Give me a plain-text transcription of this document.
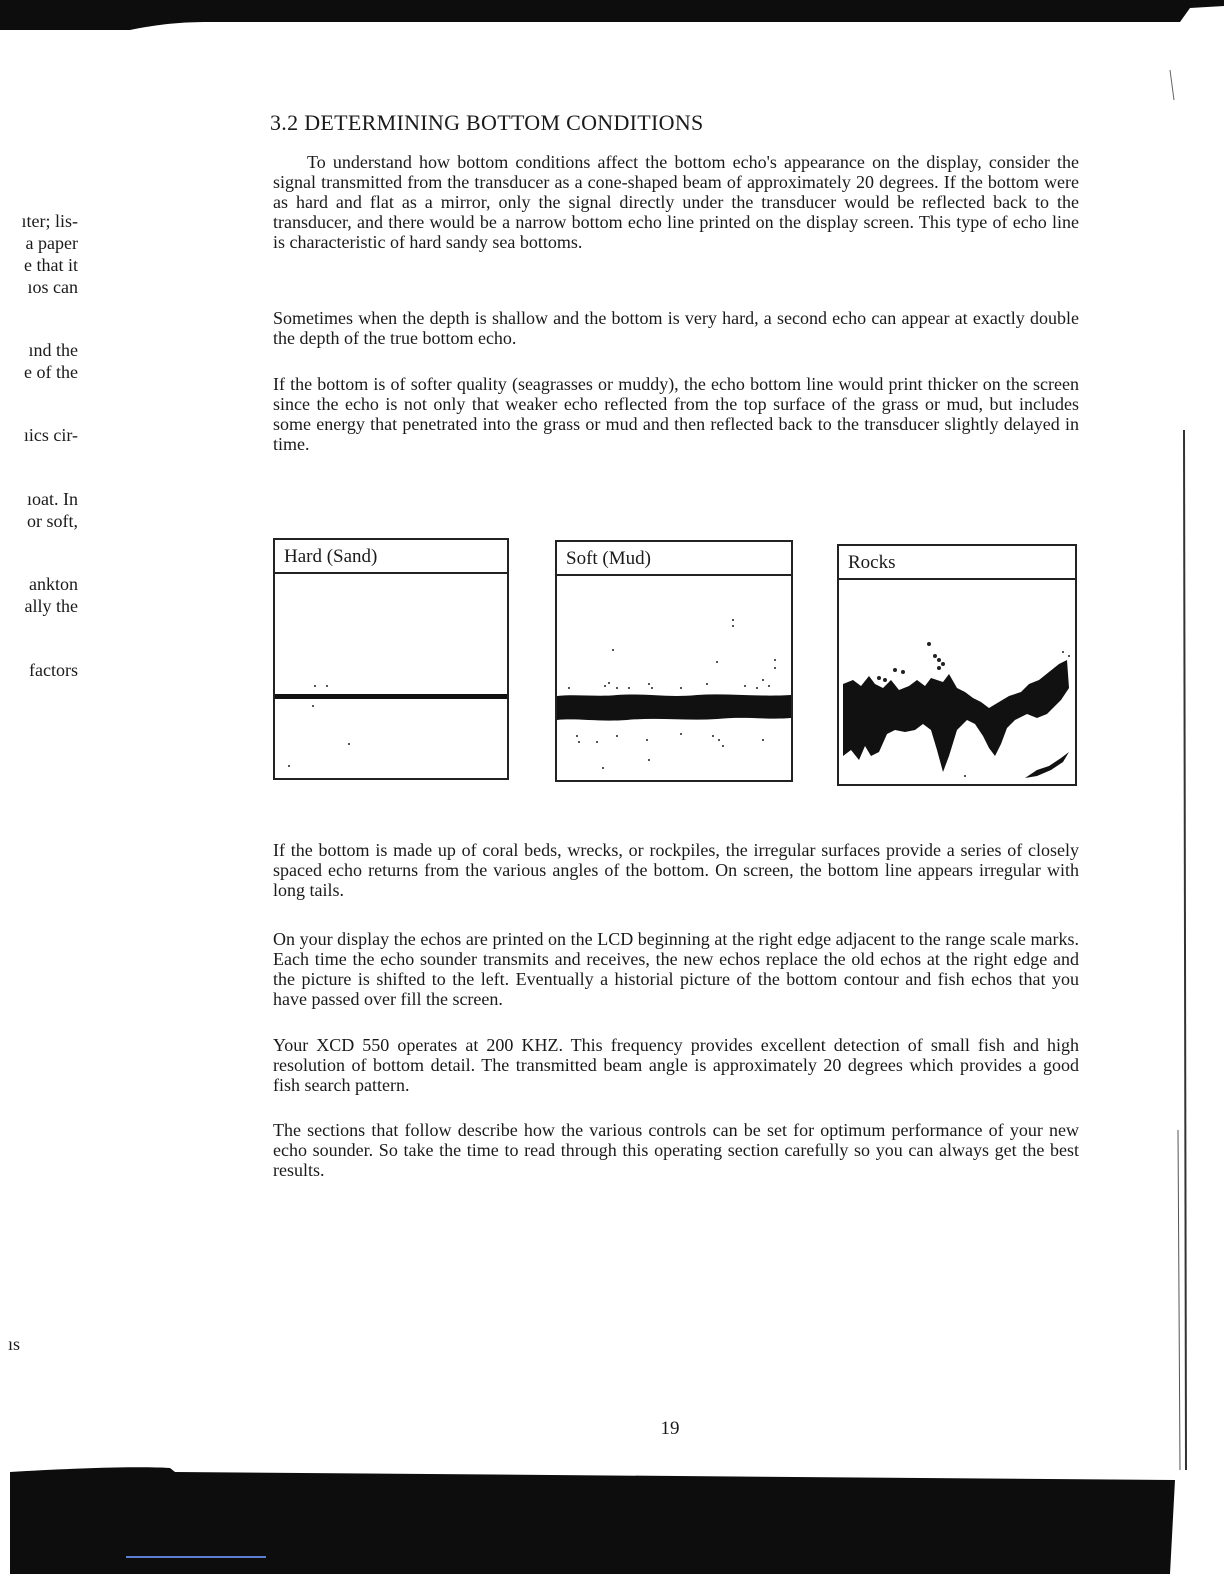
ıter; lis-
a paper
e that it
ıos can
ınd the
e of the
ıics cir-
ıoat. In
or soft,
ankton
ally the
factors
ıs
3.2 DETERMINING BOTTOM CONDITIONS

To understand how bottom conditions affect the bottom echo's appearance on the display, consider the signal transmitted from the transducer as a cone-shaped beam of approximately 20 degrees. If the bottom were as hard and flat as a mirror, only the signal directly under the transducer would be reflected back to the transducer, and there would be a narrow bottom echo line printed on the display screen. This type of echo line is characteristic of hard sandy sea bottoms.

Sometimes when the depth is shallow and the bottom is very hard, a second echo can appear at exactly double the depth of the true bottom echo.

If the bottom is of softer quality (seagrasses or muddy), the echo bottom line would print thicker on the screen since the echo is not only that weaker echo reflected from the top surface of the grass or mud, but includes some energy that penetrated into the grass or mud and then reflected back to the transducer slightly delayed in time.

Hard (Sand)	Soft (Mud)	Rocks

If the bottom is made up of coral beds, wrecks, or rockpiles, the irregular surfaces provide a series of closely spaced echo returns from the various angles of the bottom. On screen, the bottom line appears irregular with long tails.

On your display the echos are printed on the LCD beginning at the right edge adjacent to the range scale marks. Each time the echo sounder transmits and receives, the new echos replace the old echos at the right edge and the picture is shifted to the left. Eventually a historial picture of the bottom contour and fish echos that you have passed over fill the screen.

Your XCD 550 operates at 200 KHZ. This frequency provides excellent detection of small fish and high resolution of bottom detail. The transmitted beam angle is approximately 20 degrees which provides a good fish search pattern.

The sections that follow describe how the various controls can be set for optimum performance of your new echo sounder. So take the time to read through this operating section carefully so you can always get the best results.

19
